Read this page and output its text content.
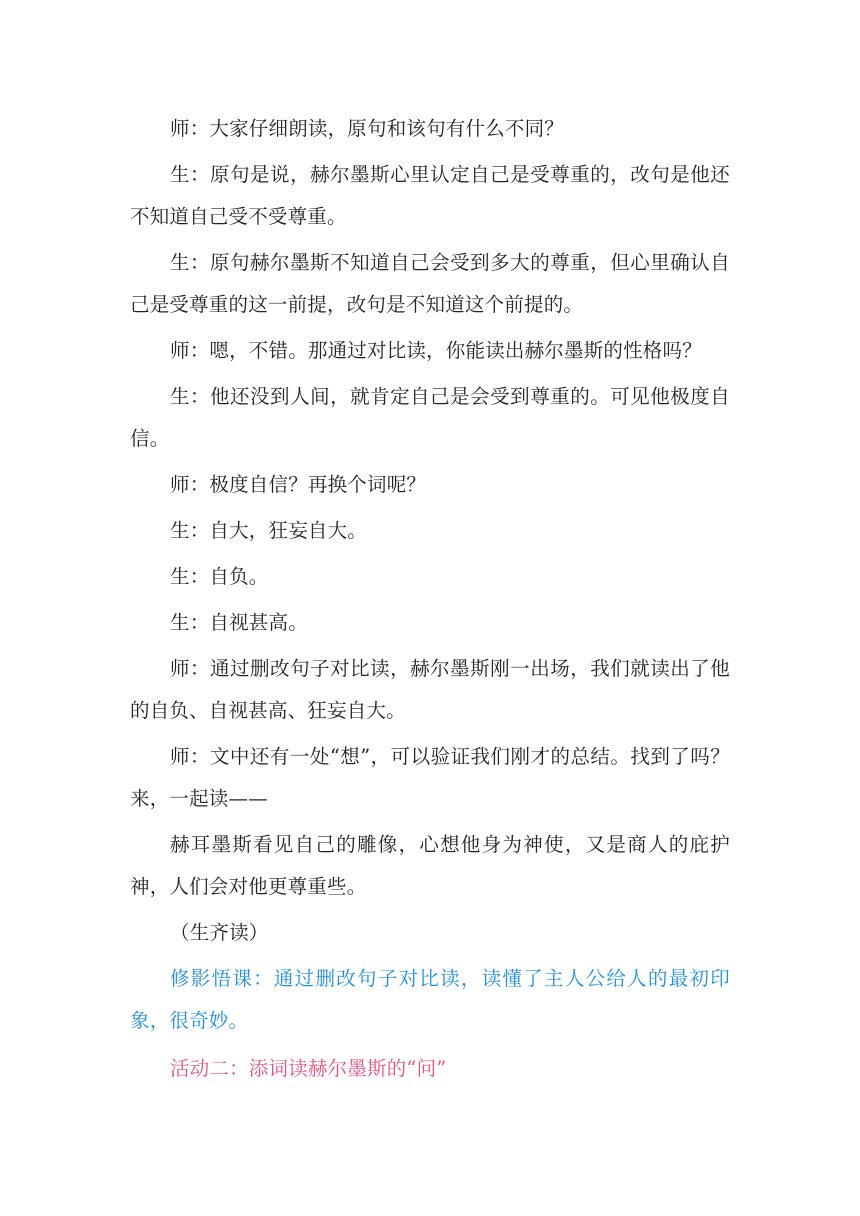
师：大家仔细朗读，原句和该句有什么不同？

生：原句是说，赫尔墨斯心里认定自己是受尊重的，改句是他还不知道自己受不受尊重。

生：原句赫尔墨斯不知道自己会受到多大的尊重，但心里确认自己是受尊重的这一前提，改句是不知道这个前提的。

师：嗯，不错。那通过对比读，你能读出赫尔墨斯的性格吗？

生：他还没到人间，就肯定自己是会受到尊重的。可见他极度自信。

师：极度自信？再换个词呢？

生：自大，狂妄自大。

生：自负。

生：自视甚高。

师：通过删改句子对比读，赫尔墨斯刚一出场，我们就读出了他的自负、自视甚高、狂妄自大。

师：文中还有一处“想”，可以验证我们刚才的总结。找到了吗？来，一起读——

赫耳墨斯看见自己的雕像，心想他身为神使，又是商人的庇护神，人们会对他更尊重些。

（生齐读）

修影悟课：通过删改句子对比读，读懂了主人公给人的最初印象，很奇妙。

活动二：添词读赫尔墨斯的“问”
